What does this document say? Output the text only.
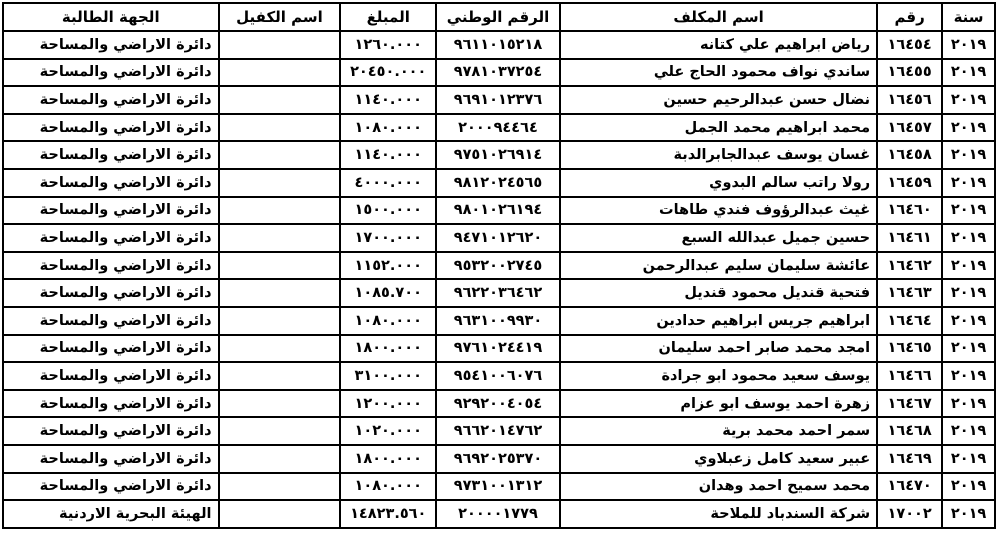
سنة	رقم	اسم المكلف	الرقم الوطني	المبلغ	اسم الكفيل	الجهة الطالبة
٢٠١٩	١٦٤٥٤	رياض ابراهيم علي كتانه	٩٦١١٠١٥٢١٨	١٢٦٠.٠٠٠		دائرة الاراضي والمساحة
٢٠١٩	١٦٤٥٥	ساندي نواف محمود الحاج علي	٩٧٨١٠٣٧٢٥٤	٢٠٤٥٠.٠٠٠		دائرة الاراضي والمساحة
٢٠١٩	١٦٤٥٦	نضال حسن عبدالرحيم حسين	٩٦٩١٠١٢٣٧٦	١١٤٠.٠٠٠		دائرة الاراضي والمساحة
٢٠١٩	١٦٤٥٧	محمد ابراهيم محمد الجمل	٢٠٠٠٩٤٤٦٤	١٠٨٠.٠٠٠		دائرة الاراضي والمساحة
٢٠١٩	١٦٤٥٨	غسان يوسف عبدالجابرالدبة	٩٧٥١٠٢٦٩١٤	١١٤٠.٠٠٠		دائرة الاراضي والمساحة
٢٠١٩	١٦٤٥٩	رولا راتب سالم البدوي	٩٨١٢٠٢٤٥٦٥	٤٠٠٠.٠٠٠		دائرة الاراضي والمساحة
٢٠١٩	١٦٤٦٠	غيث عبدالرؤوف فندي طاهات	٩٨٠١٠٢٦١٩٤	١٥٠٠.٠٠٠		دائرة الاراضي والمساحة
٢٠١٩	١٦٤٦١	حسين جميل عبدالله السبع	٩٤٧١٠١٢٦٢٠	١٧٠٠.٠٠٠		دائرة الاراضي والمساحة
٢٠١٩	١٦٤٦٢	عائشة سليمان سليم عبدالرحمن	٩٥٣٢٠٠٢٧٤٥	١١٥٢.٠٠٠		دائرة الاراضي والمساحة
٢٠١٩	١٦٤٦٣	فتحية قنديل محمود قنديل	٩٦٢٢٠٣٦٤٦٢	١٠٨٥.٧٠٠		دائرة الاراضي والمساحة
٢٠١٩	١٦٤٦٤	ابراهيم جريس ابراهيم حدادين	٩٦٣١٠٠٩٩٣٠	١٠٨٠.٠٠٠		دائرة الاراضي والمساحة
٢٠١٩	١٦٤٦٥	امجد محمد صابر احمد سليمان	٩٧٦١٠٢٤٤١٩	١٨٠٠.٠٠٠		دائرة الاراضي والمساحة
٢٠١٩	١٦٤٦٦	يوسف سعيد محمود ابو جرادة	٩٥٤١٠٠٦٠٧٦	٣١٠٠.٠٠٠		دائرة الاراضي والمساحة
٢٠١٩	١٦٤٦٧	زهرة احمد يوسف ابو عزام	٩٢٩٢٠٠٤٠٥٤	١٢٠٠.٠٠٠		دائرة الاراضي والمساحة
٢٠١٩	١٦٤٦٨	سمر احمد محمد برية	٩٦٦٢٠١٤٧٦٢	١٠٢٠.٠٠٠		دائرة الاراضي والمساحة
٢٠١٩	١٦٤٦٩	عبير سعيد كامل زعبلاوي	٩٦٩٢٠٢٥٣٧٠	١٨٠٠.٠٠٠		دائرة الاراضي والمساحة
٢٠١٩	١٦٤٧٠	محمد سميح احمد وهدان	٩٧٣١٠٠١٣١٢	١٠٨٠.٠٠٠		دائرة الاراضي والمساحة
٢٠١٩	١٧٠٠٢	شركة السندباد للملاحة	٢٠٠٠٠١٧٧٩	١٤٨٢٣.٥٦٠		الهيئة البحرية الاردنية
